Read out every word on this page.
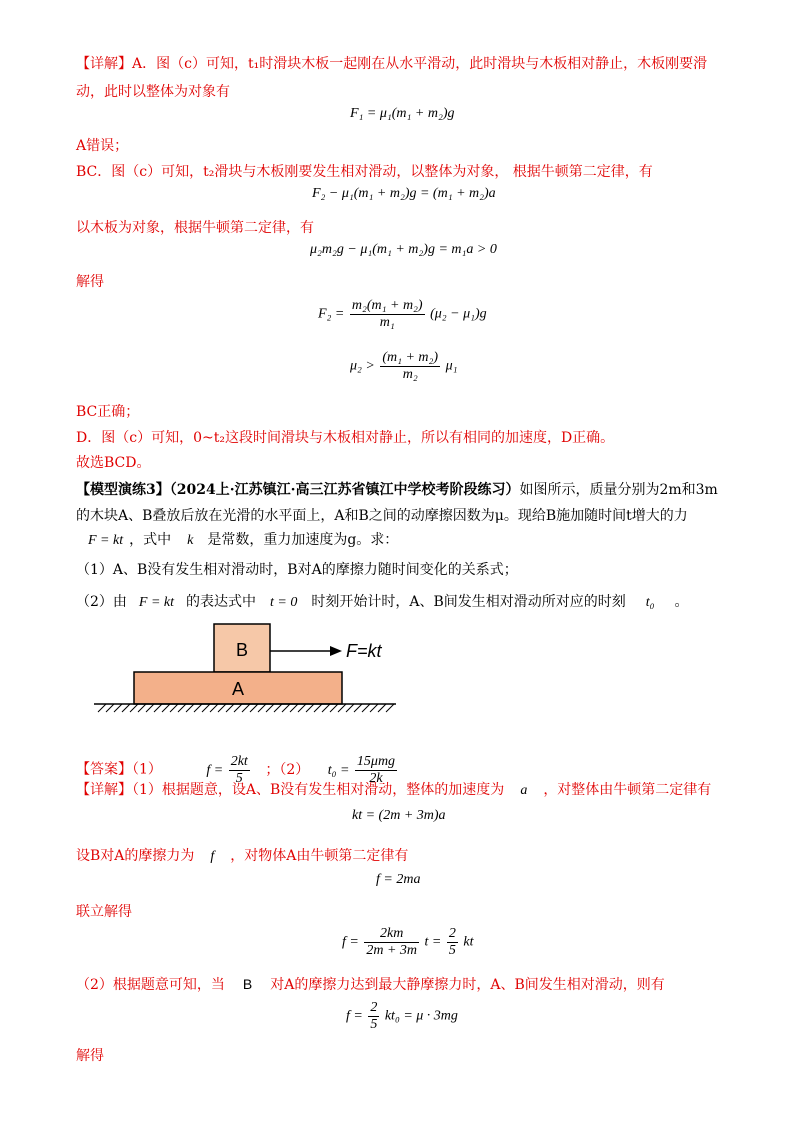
【详解】A．图（c）可知，t₁时滑块木板一起刚在从水平滑动，此时滑块与木板相对静止，木板刚要滑
动，此时以整体为对象有
F₁ = μ₁(m₁ + m₂)g
A错误；
BC．图（c）可知，t₂滑块与木板刚要发生相对滑动，以整体为对象， 根据牛顿第二定律，有
F₂ − μ₁(m₁ + m₂)g = (m₁ + m₂)a
以木板为对象，根据牛顿第二定律，有
μ₂m₂g − μ₁(m₁ + m₂)g = m₁a > 0
解得
$F_2 = \frac{\text{m₂(m₁ + m₂)}}{\text{m₁}} (\mu_2 - \mu_1)g$
$\mu_2 > \frac{\text{(m₁ + m₂)}}{\text{m₂}} \mu_1$
BC正确；
D．图（c）可知，0~t₂这段时间滑块与木板相对静止，所以有相同的加速度，D正确。
故选BCD。
【模型演练3】（2024上·江苏镇江·高三江苏省镇江中学校考阶段练习）如图所示，质量分别为2m和3m
的木块A、B叠放后放在光滑的水平面上，A和B之间的动摩擦因数为μ。现给B施加随时间t增大的力
F = kt ，式中 k 是常数，重力加速度为g。求：
（1）A、B没有发生相对滑动时，B对A的摩擦力随时间变化的关系式；
（2）由 F = kt 的表达式中 t = 0 时刻开始计时，A、B间发生相对滑动所对应的时刻 t₀ 。
B
A
F=kt
【答案】（1）	$f = \frac{2kt}{5}$ ；（2） $t_0 = \frac{\text{15μmg}}{2k}$
【详解】（1）根据题意，设A、B没有发生相对滑动，整体的加速度为 a ，对整体由牛顿第二定律有
kt = (2m + 3m)a
设B对A的摩擦力为 f ，对物体A由牛顿第二定律有
f = 2ma
联立解得
$f = \frac{2km}{2m + 3m}$ $t = \frac{2}{5}$ kt
（2）根据题意可知，当 B 对A的摩擦力达到最大静摩擦力时，A、B间发生相对滑动，则有
$f = \frac{2}{5} kt_0 = \mu \cdot 3mg$
解得
